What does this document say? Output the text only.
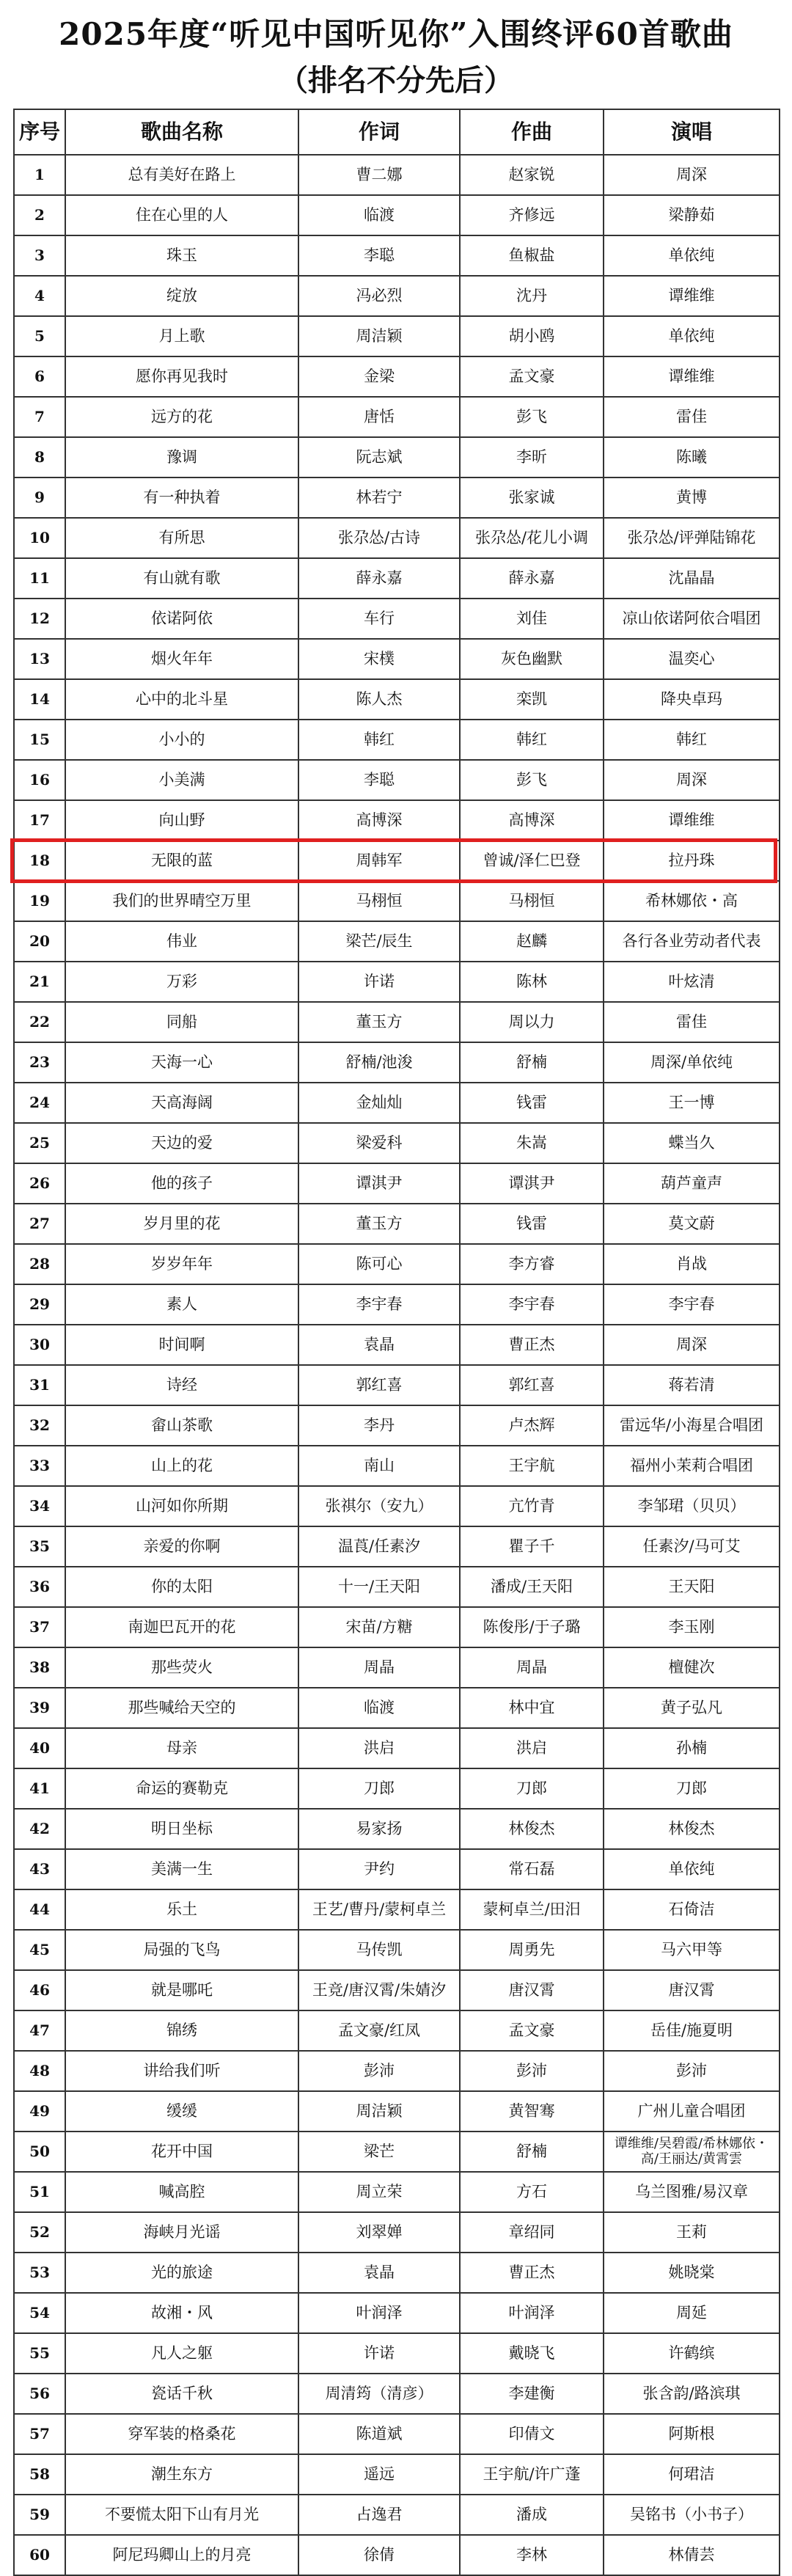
2025年度“听见中国听见你”入围终评60首歌曲
（排名不分先后）
序号	歌曲名称	作词	作曲	演唱
1	总有美好在路上	曹二娜	赵家锐	周深
2	住在心里的人	临渡	齐修远	梁静茹
3	珠玉	李聪	鱼椒盐	单依纯
4	绽放	冯必烈	沈丹	谭维维
5	月上歌	周洁颖	胡小鸥	单依纯
6	愿你再见我时	金梁	孟文豪	谭维维
7	远方的花	唐恬	彭飞	雷佳
8	豫调	阮志斌	李昕	陈曦
9	有一种执着	林若宁	张家诚	黄博
10	有所思	张尕怂/古诗	张尕怂/花儿小调	张尕怂/评弹陆锦花
11	有山就有歌	薛永嘉	薛永嘉	沈晶晶
12	依诺阿依	车行	刘佳	凉山依诺阿依合唱团
13	烟火年年	宋樸	灰色幽默	温奕心
14	心中的北斗星	陈人杰	栾凯	降央卓玛
15	小小的	韩红	韩红	韩红
16	小美满	李聪	彭飞	周深
17	向山野	高博深	高博深	谭维维
18	无限的蓝	周韩军	曾诚/泽仁巴登	拉丹珠
19	我们的世界晴空万里	马栩恒	马栩恒	希林娜依・高
20	伟业	梁芒/辰生	赵麟	各行各业劳动者代表
21	万彩	许诺	陈林	叶炫清
22	同船	董玉方	周以力	雷佳
23	天海一心	舒楠/池浚	舒楠	周深/单依纯
24	天高海阔	金灿灿	钱雷	王一博
25	天边的爱	梁爱科	朱嵩	蝶当久
26	他的孩子	谭淇尹	谭淇尹	葫芦童声
27	岁月里的花	董玉方	钱雷	莫文蔚
28	岁岁年年	陈可心	李方睿	肖战
29	素人	李宇春	李宇春	李宇春
30	时间啊	袁晶	曹正杰	周深
31	诗经	郭红喜	郭红喜	蒋若清
32	畲山茶歌	李丹	卢杰辉	雷远华/小海星合唱团
33	山上的花	南山	王宇航	福州小茉莉合唱团
34	山河如你所期	张祺尔（安九）	亢竹青	李邹珺（贝贝）
35	亲爱的你啊	温莨/任素汐	瞿子千	任素汐/马可艾
36	你的太阳	十一/王天阳	潘成/王天阳	王天阳
37	南迦巴瓦开的花	宋苗/方糖	陈俊彤/于子璐	李玉刚
38	那些荧火	周晶	周晶	檀健次
39	那些喊给天空的	临渡	林中宜	黄子弘凡
40	母亲	洪启	洪启	孙楠
41	命运的赛勒克	刀郎	刀郎	刀郎
42	明日坐标	易家扬	林俊杰	林俊杰
43	美满一生	尹约	常石磊	单依纯
44	乐土	王艺/曹丹/蒙柯卓兰	蒙柯卓兰/田汨	石倚洁
45	局强的飞鸟	马传凯	周勇先	马六甲等
46	就是哪吒	王竞/唐汉霄/朱婧汐	唐汉霄	唐汉霄
47	锦绣	孟文豪/红凤	孟文豪	岳佳/施夏明
48	讲给我们听	彭沛	彭沛	彭沛
49	缓缓	周洁颖	黄智骞	广州儿童合唱团
50	花开中国	梁芒	舒楠	谭维维/吴碧霞/希林娜依・高/王丽达/黄霄雲
51	喊高腔	周立荣	方石	乌兰图雅/易汉章
52	海峡月光谣	刘翠婵	章绍同	王莉
53	光的旅途	袁晶	曹正杰	姚晓棠
54	故湘・风	叶润泽	叶润泽	周延
55	凡人之躯	许诺	戴晓飞	许鹤缤
56	瓷话千秋	周清筠（清彦）	李建衡	张含韵/路滨琪
57	穿军装的格桑花	陈道斌	印倩文	阿斯根
58	潮生东方	遥远	王宇航/许广蓬	何珺洁
59	不要慌太阳下山有月光	占逸君	潘成	吴铭书（小书子）
60	阿尼玛卿山上的月亮	徐倩	李林	林倩芸
